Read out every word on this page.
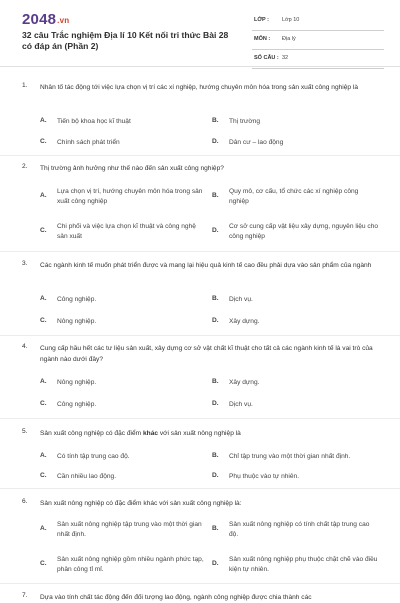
2048.vn
32 câu Trắc nghiệm Địa lí 10 Kết nối tri thức Bài 28 có đáp án (Phần 2)
LỚP : Lớp 10
MÔN : Địa lý
SỐ CÂU : 32
1. Nhân tố tác động tới việc lựa chọn vị trí các xí nghiệp, hướng chuyên môn hóa trong sản xuất công nghiệp là
A. Tiến bộ khoa học kĩ thuật	B. Thị trường
C. Chính sách phát triển	D. Dân cư – lao động
2. Thị trường ảnh hưởng như thế nào đến sản xuất công nghiệp?
A.
Lựa chọn vị trí, hướng chuyên môn hóa trong sản xuất công nghiệp
B.
Quy mô, cơ cấu, tổ chức các xí nghiệp công nghiệp
C.
Chi phối và việc lựa chọn kĩ thuật và công nghệ sản xuất
D.
Cơ sở cung cấp vật liệu xây dựng, nguyên liệu cho công nghiệp
3. Các ngành kinh tế muốn phát triển được và mang lại hiệu quả kinh tế cao đều phải dựa vào sản phẩm của ngành
A. Công nghiệp.	B. Dịch vụ.
C. Nông nghiệp.	D. Xây dựng.
4. Cung cấp hầu hết các tư liệu sản xuất, xây dựng cơ sở vật chất kĩ thuật cho tất cả các ngành kinh tế là vai trò của ngành nào dưới đây?
A. Nông nghiệp.	B. Xây dựng.
C. Công nghiệp.	D. Dịch vụ.
5. Sản xuất công nghiệp có đặc điểm khác với sản xuất nông nghiệp là
A. Có tính tập trung cao độ.	B. Chỉ tập trung vào một thời gian nhất định.
C. Cần nhiều lao động.	D. Phụ thuộc vào tự nhiên.
6. Sản xuất nông nghiệp có đặc điểm khác với sản xuất công nghiệp là:
A.
Sản xuất nông nghiệp tập trung vào một thời gian nhất định.
B.
Sản xuất nông nghiệp có tính chất tập trung cao độ.
C.
Sản xuất nông nghiệp gồm nhiều ngành phức tạp, phân công tỉ mỉ.
D.
Sản xuất nông nghiệp phụ thuộc chặt chẽ vào điều kiện tự nhiên.
7. Dựa vào tính chất tác động đến đối tượng lao động, ngành công nghiệp được chia thành các
